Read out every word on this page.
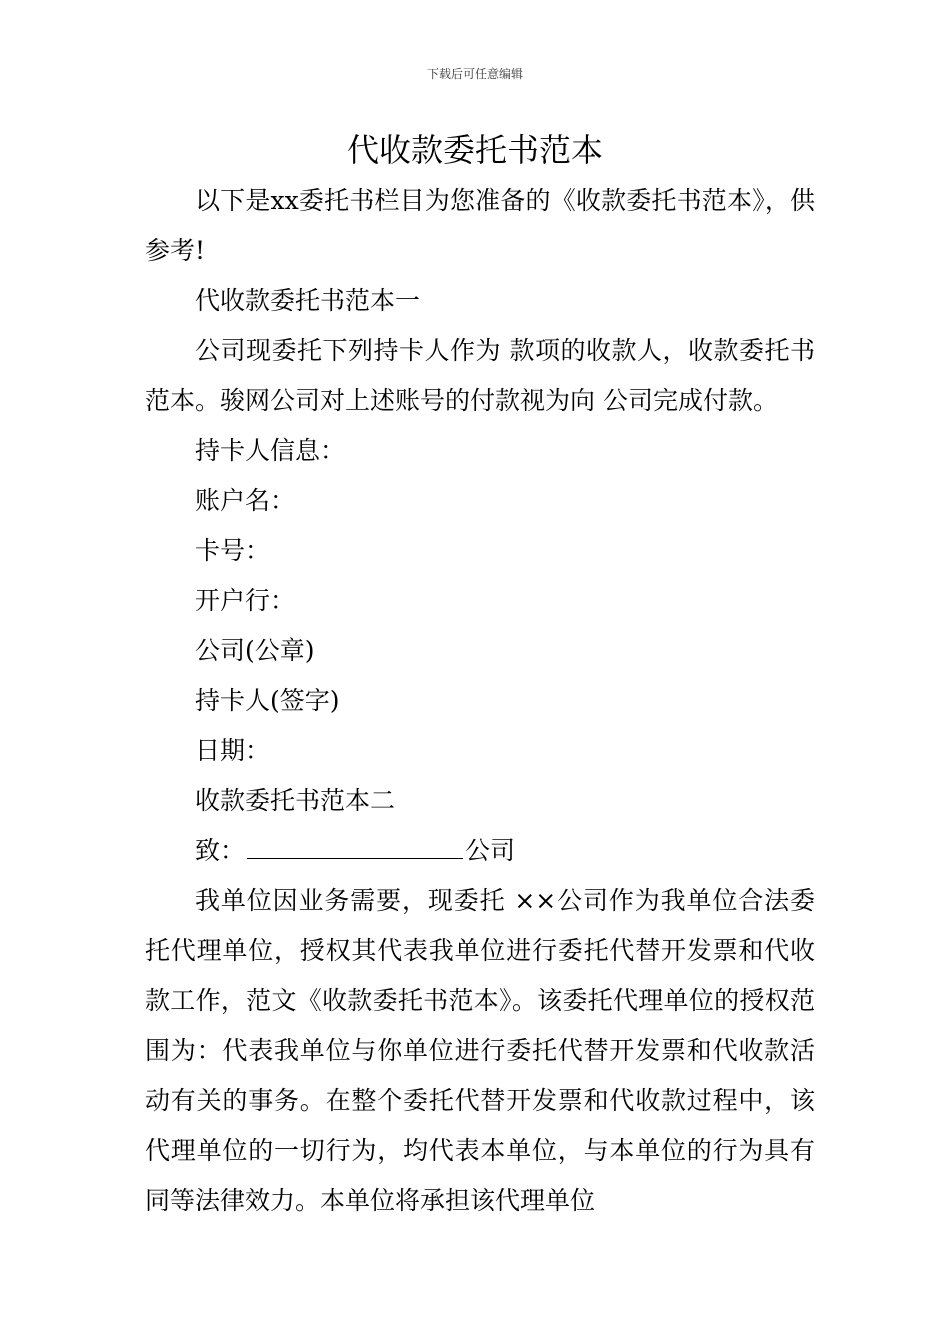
下载后可任意编辑
代收款委托书范本

以下是xx委托书栏目为您准备的《收款委托书范本》，供参考!

代收款委托书范本一

公司现委托下列持卡人作为 款项的收款人，收款委托书范本。骏网公司对上述账号的付款视为向 公司完成付款。

持卡人信息：

账户名：

卡号：

开户行：

公司(公章)

持卡人(签字)

日期：

收款委托书范本二

致：	公司

我单位因业务需要，现委托 ××公司作为我单位合法委托代理单位，授权其代表我单位进行委托代替开发票和代收款工作，范文《收款委托书范本》。该委托代理单位的授权范围为：代表我单位与你单位进行委托代替开发票和代收款活动有关的事务。在整个委托代替开发票和代收款过程中，该代理单位的一切行为，均代表本单位，与本单位的行为具有同等法律效力。本单位将承担该代理单位
